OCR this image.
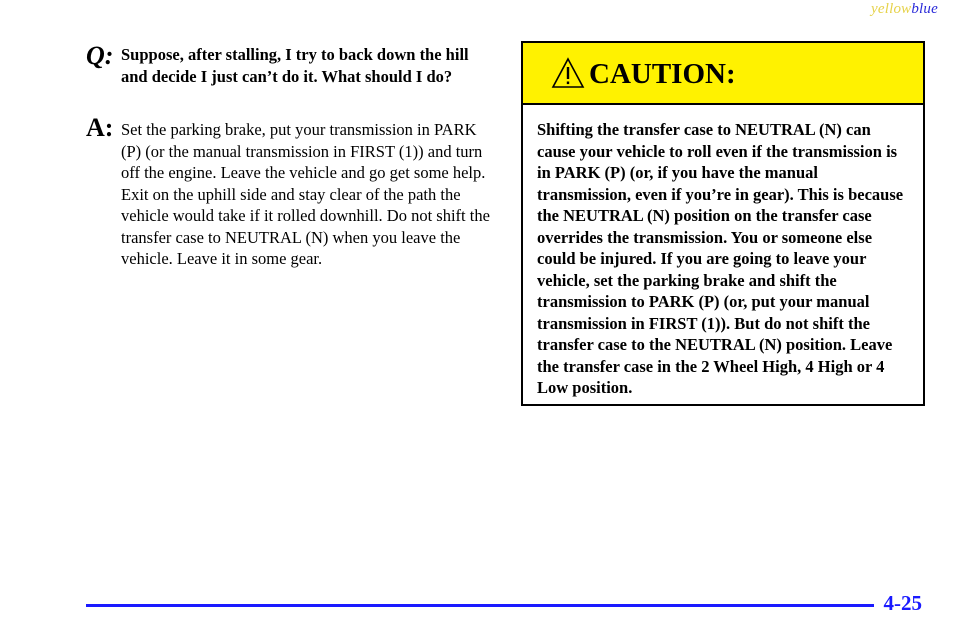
yellowblue
Q: Suppose, after stalling, I try to back down the hill and decide I just can’t do it. What should I do?
A: Set the parking brake, put your transmission in PARK (P) (or the manual transmission in FIRST (1)) and turn off the engine. Leave the vehicle and go get some help. Exit on the uphill side and stay clear of the path the vehicle would take if it rolled downhill. Do not shift the transfer case to NEUTRAL (N) when you leave the vehicle. Leave it in some gear.
CAUTION:
Shifting the transfer case to NEUTRAL (N) can cause your vehicle to roll even if the transmission is in PARK (P) (or, if you have the manual transmission, even if you’re in gear). This is because the NEUTRAL (N) position on the transfer case overrides the transmission. You or someone else could be injured. If you are going to leave your vehicle, set the parking brake and shift the transmission to PARK (P) (or, put your manual transmission in FIRST (1)). But do not shift the transfer case to the NEUTRAL (N) position. Leave the transfer case in the 2 Wheel High, 4 High or 4 Low position.
4-25
